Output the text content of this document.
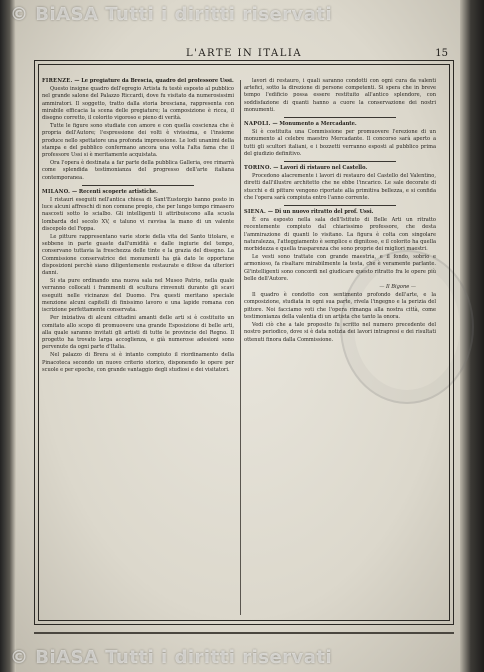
© BiASA Tutti i diritti riservati
L'ARTE IN ITALIA	15

FIRENZE. — Le pregiature da Brescia, quadro del professore Ussi.

Questo insigne quadro dell'egregio Artista fu testè esposto al pubblico nel grande salone del Palazzo Riccardi, dove fu visitato da numerosissimi ammiratori. Il soggetto, tratto dalla storia bresciana, rappresenta con mirabile efficacia la scena delle pregiature; la composizione è ricca, il disegno corretto, il colorito vigoroso e pieno di verità.

Tutte le figure sono studiate con amore e con quella coscienza che è propria dell'Autore; l'espressione dei volti è vivissima, e l'insieme produce nello spettatore una profonda impressione. Le lodi unanimi della stampa e del pubblico confermano ancora una volta l'alta fama che il professore Ussi si è meritamente acquistata.

Ora l'opera è destinata a far parte della pubblica Galleria, ove rimarrà come splendida testimonianza del progresso dell'arte italiana contemporanea.

MILANO. — Recenti scoperte artistiche.

I ristauri eseguiti nell'antica chiesa di Sant'Eustorgio hanno posto in luce alcuni affreschi di non comune pregio, che per lungo tempo rimasero nascosti sotto lo scialbo. Gli intelligenti li attribuiscono alla scuola lombarda del secolo XV, e taluno vi ravvisa la mano di un valente discepolo del Foppa.

Le pitture rappresentano varie storie della vita del Santo titolare, e sebbene in parte guaste dall'umidità e dalle ingiurie del tempo, conservano tuttavia la freschezza delle tinte e la grazia del disegno. La Commissione conservatrice dei monumenti ha già dato le opportune disposizioni perchè siano diligentemente restaurate e difese da ulteriori danni.

Si sta pure ordinando una nuova sala nel Museo Patrio, nella quale verranno collocati i frammenti di scultura rinvenuti durante gli scavi eseguiti nelle vicinanze del Duomo. Fra questi meritano speciale menzione alcuni capitelli di finissimo lavoro e una lapide romana con iscrizione perfettamente conservata.

Per iniziativa di alcuni cittadini amanti delle arti si è costituito un comitato allo scopo di promuovere una grande Esposizione di belle arti, alla quale saranno invitati gli artisti di tutte le provincie del Regno. Il progetto ha trovato larga accoglienza, e già numerose adesioni sono pervenute da ogni parte d'Italia.

Nel palazzo di Brera si è intanto compiuto il riordinamento della Pinacoteca secondo un nuovo criterio storico, disponendo le opere per scuole e per epoche, con grande vantaggio degli studiosi e dei visitatori.

lavori di restauro, i quali saranno condotti con ogni cura da valenti artefici, sotto la direzione di persone competenti. Si spera che in breve tempo l'edificio possa essere restituito all'antico splendore, con soddisfazione di quanti hanno a cuore la conservazione dei nostri monumenti.

NAPOLI. — Monumento a Mercadante.

Si è costituita una Commissione per promuovere l'erezione di un monumento al celebre maestro Mercadante. Il concorso sarà aperto a tutti gli scultori italiani, e i bozzetti verranno esposti al pubblico prima del giudizio definitivo.

TORINO. — Lavori di ristauro nel Castello.

Procedono alacremente i lavori di restauro del Castello del Valentino, diretti dall'illustre architetto che ne ebbe l'incarico. Le sale decorate di stucchi e di pitture vengono riportate alla primitiva bellezza, e si confida che l'opera sarà compiuta entro l'anno corrente.

SIENA. — Di un nuovo ritratto del prof. Ussi.

È ora esposto nella sala dell'Istituto di Belle Arti un ritratto recentemente compiuto dal chiarissimo professore, che desta l'ammirazione di quanti lo visitano. La figura è colta con singolare naturalezza, l'atteggiamento è semplice e dignitoso, e il colorito ha quella morbidezza e quella trasparenza che sono proprie dei migliori maestri.

Le vesti sono trattate con grande maestria, e il fondo, sobrio e armonioso, fa risaltare mirabilmente la testa, che è veramente parlante. Gl'intelligenti sono concordi nel giudicare questo ritratto fra le opere più belle dell'Autore.

— Il Bigone —

Il quadro è condotto con sentimento profondo dell'arte, e la composizione, studiata in ogni sua parte, rivela l'ingegno e la perizia del pittore. Noi facciamo voti che l'opera rimanga alla nostra città, come testimonianza della valentia di un artista che tanto la onora.

Vedi ciò che a tale proposito fu scritto nel numero precedente del nostro periodico, dove si è data notizia dei lavori intrapresi e dei risultati ottenuti finora dalla Commissione.

© BiASA Tutti i diritti riservati
